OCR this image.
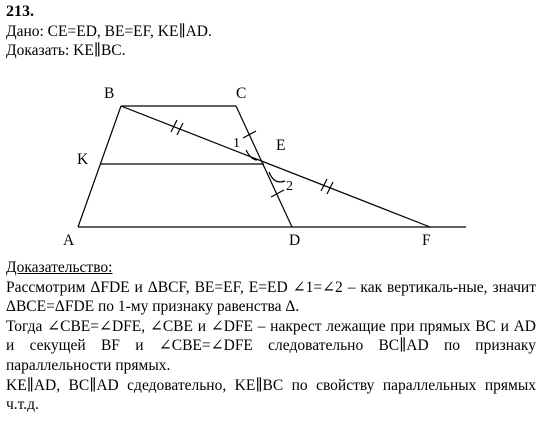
213.
Дано: CE=ED, BE=EF, KE∥AD.
Доказать: KE∥BC.
B	C
K
E
A	D	F
1
2
Доказательство:

Рассмотрим ΔFDE и ΔBCF, BE=EF, E=ED ∠1=∠2 – как вертикаль-ные, значит ΔBCE=ΔFDE по 1-му признаку равенства Δ.

Тогда ∠CBE=∠DFE, ∠CBE и ∠DFE – накрест лежащие при прямых BC и AD и секущей BF и ∠CBE=∠DFE следовательно BC∥AD по признаку параллельности прямых.

KE∥AD, BC∥AD сдедовательно, KE∥BC по свойству параллельных прямых ч.т.д.
